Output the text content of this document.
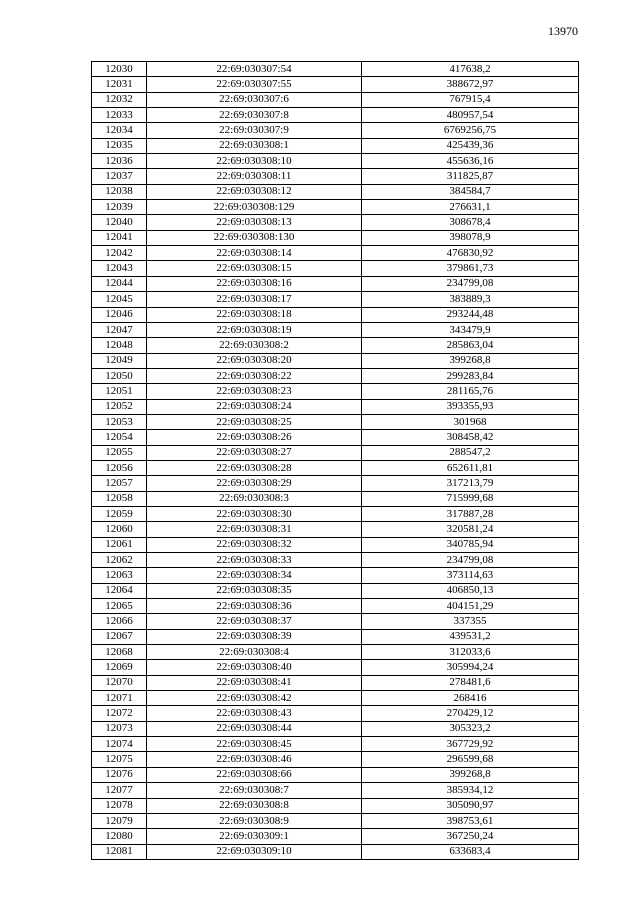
13970
12030	22:69:030307:54	417638,2
12031	22:69:030307:55	388672,97
12032	22:69:030307:6	767915,4
12033	22:69:030307:8	480957,54
12034	22:69:030307:9	6769256,75
12035	22:69:030308:1	425439,36
12036	22:69:030308:10	455636,16
12037	22:69:030308:11	311825,87
12038	22:69:030308:12	384584,7
12039	22:69:030308:129	276631,1
12040	22:69:030308:13	308678,4
12041	22:69:030308:130	398078,9
12042	22:69:030308:14	476830,92
12043	22:69:030308:15	379861,73
12044	22:69:030308:16	234799,08
12045	22:69:030308:17	383889,3
12046	22:69:030308:18	293244,48
12047	22:69:030308:19	343479,9
12048	22:69:030308:2	285863,04
12049	22:69:030308:20	399268,8
12050	22:69:030308:22	299283,84
12051	22:69:030308:23	281165,76
12052	22:69:030308:24	393355,93
12053	22:69:030308:25	301968
12054	22:69:030308:26	308458,42
12055	22:69:030308:27	288547,2
12056	22:69:030308:28	652611,81
12057	22:69:030308:29	317213,79
12058	22:69:030308:3	715999,68
12059	22:69:030308:30	317887,28
12060	22:69:030308:31	320581,24
12061	22:69:030308:32	340785,94
12062	22:69:030308:33	234799,08
12063	22:69:030308:34	373114,63
12064	22:69:030308:35	406850,13
12065	22:69:030308:36	404151,29
12066	22:69:030308:37	337355
12067	22:69:030308:39	439531,2
12068	22:69:030308:4	312033,6
12069	22:69:030308:40	305994,24
12070	22:69:030308:41	278481,6
12071	22:69:030308:42	268416
12072	22:69:030308:43	270429,12
12073	22:69:030308:44	305323,2
12074	22:69:030308:45	367729,92
12075	22:69:030308:46	296599,68
12076	22:69:030308:66	399268,8
12077	22:69:030308:7	385934,12
12078	22:69:030308:8	305090,97
12079	22:69:030308:9	398753,61
12080	22:69:030309:1	367250,24
12081	22:69:030309:10	633683,4
